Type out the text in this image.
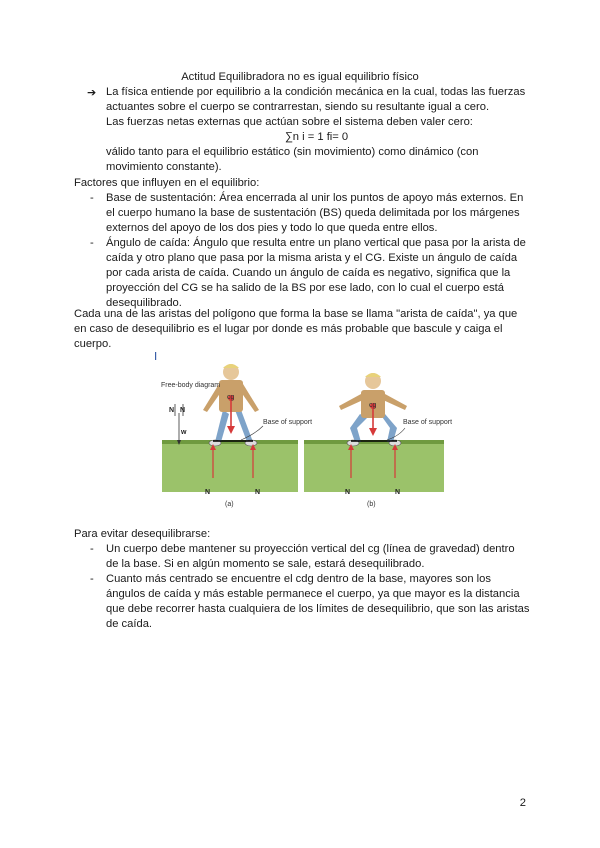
Actitud Equilibradora no es igual equilibrio físico
➔ La física entiende por equilibrio a la condición mecánica en la cual, todas las fuerzas actuantes sobre el cuerpo se contrarrestan, siendo su resultante igual a cero.

Las fuerzas netas externas que actúan sobre el sistema deben valer cero:

∑n i = 1 fi= 0

válido tanto para el equilibrio estático (sin movimiento) como dinámico (con movimiento constante).

Factores que influyen en el equilibrio:

- Base de sustentación: Área encerrada al unir los puntos de apoyo más externos. En el cuerpo humano la base de sustentación (BS) queda delimitada por los márgenes externos del apoyo de los dos pies y todo lo que queda entre ellos.
- Ángulo de caída: Ángulo que resulta entre un plano vertical que pasa por la arista de caída y otro plano que pasa por la misma arista y el CG. Existe un ángulo de caída por cada arista de caída. Cuando un ángulo de caída es negativo, significa que la proyección del CG se ha salido de la BS por ese lado, con lo cual el cuerpo está desequilibrado.

Cada una de las aristas del polígono que forma la base se llama "arista de caída", ya que en caso de desequilibrio es el lugar por donde es más probable que bascule y caiga el cuerpo.

Free-body diagram
N N
w
cg
Base of support
N	N
(a)
cg
Base of support
N	N
(b)

Para evitar desequilibrarse:

- Un cuerpo debe mantener su proyección vertical del cg (línea de gravedad) dentro de la base. Si en algún momento se sale, estará desequilibrado.
- Cuanto más centrado se encuentre el cdg dentro de la base, mayores son los ángulos de caída y más estable permanece el cuerpo, ya que mayor es la distancia que debe recorrer hasta cualquiera de los límites de desequilibrio, que son las aristas de caída.
2
